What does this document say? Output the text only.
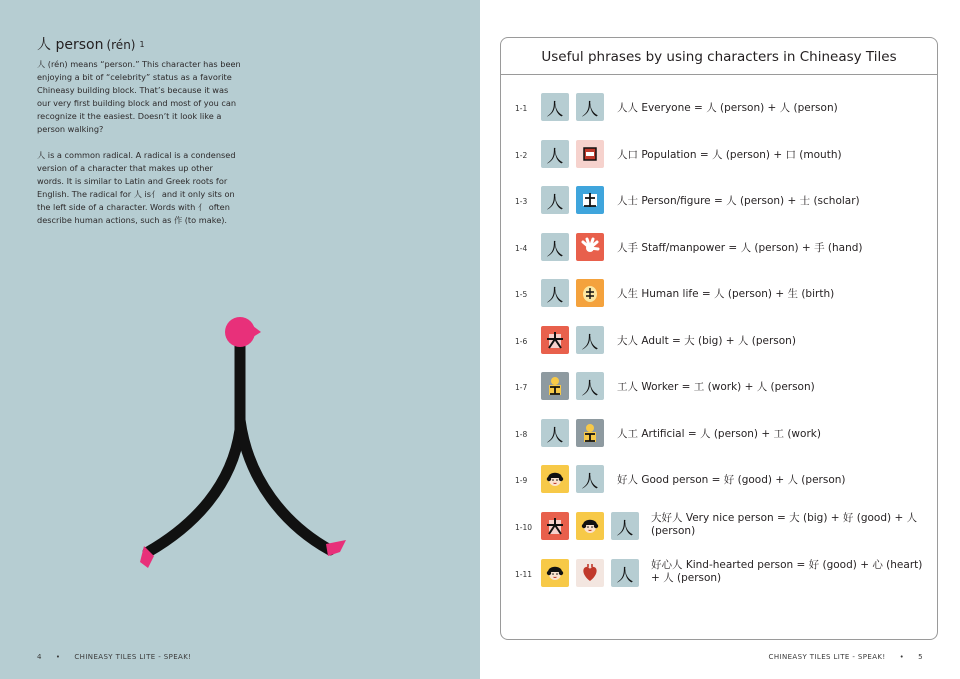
人 person (rén) 1
人 (rén) means “person.” This character has been enjoying a bit of “celebrity” status as a favorite Chineasy building block. That’s because it was our very first building block and most of you can recognize it the easiest. Doesn’t it look like a person walking?
人 is a common radical. A radical is a condensed version of a character that makes up other words. It is similar to Latin and Greek roots for English. The radical for 人 is亻 and it only sits on the left side of a character. Words with 亻 often describe human actions, such as 作 (to make).
4 • CHINEASY TILES LITE - SPEAK!
Useful phrases by using characters in Chineasy Tiles
1-1	人	人	人人 Everyone = 人 (person) + 人 (person)
1-2	人	人口 Population = 人 (person) + 口 (mouth)
1-3	人	人士 Person/figure = 人 (person) + 士 (scholar)
1-4	人	人手 Staff/manpower = 人 (person) + 手 (hand)
1-5	人	人生 Human life = 人 (person) + 生 (birth)
1-6	人	大人 Adult = 大 (big) + 人 (person)
1-7	人	工人 Worker = 工 (work) + 人 (person)
1-8	人	人工 Artificial = 人 (person) + 工 (work)
1-9	人	好人 Good person = 好 (good) + 人 (person)
1-10	人
大好人 Very nice person = 大 (big) + 好 (good) + 人 (person)
1-11	人
好心人 Kind-hearted person = 好 (good) + 心 (heart) + 人 (person)
CHINEASY TILES LITE - SPEAK! • 5
